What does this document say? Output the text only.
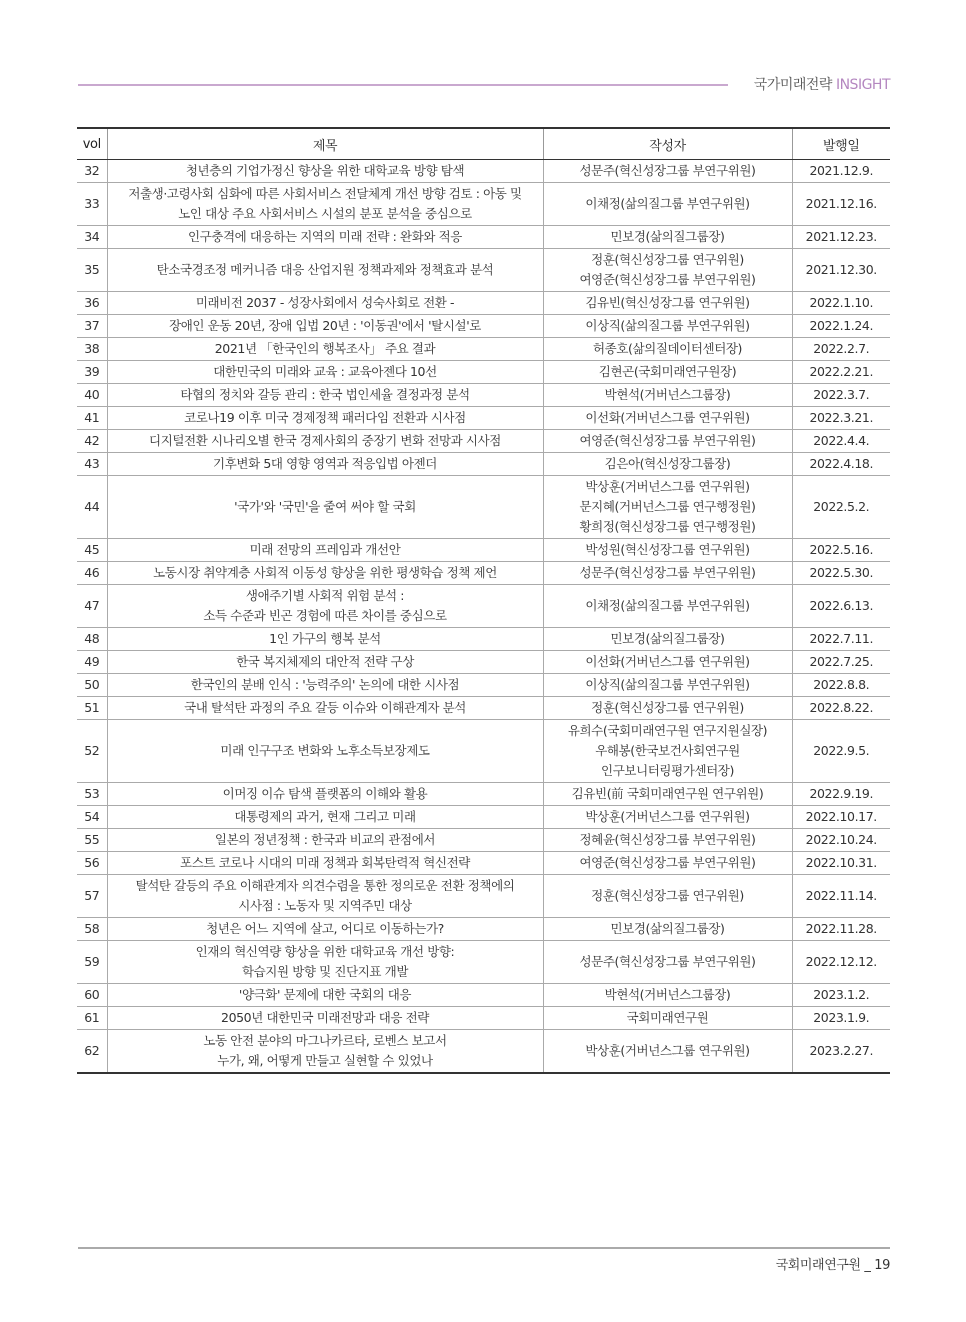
국가미래전략 INSIGHT
vol	제목	작성자	발행일
32	청년층의 기업가정신 향상을 위한 대학교육 방향 탐색	성문주(혁신성장그룹 부연구위원)	2021.12.9.
33	저출생·고령사회 심화에 따른 사회서비스 전달체계 개선 방향 검토 : 아동 및
노인 대상 주요 사회서비스 시설의 분포 분석을 중심으로	이채정(삶의질그룹 부연구위원)	2021.12.16.
34	인구충격에 대응하는 지역의 미래 전략 : 완화와 적응	민보경(삶의질그룹장)	2021.12.23.
35	탄소국경조정 메커니즘 대응 산업지원 정책과제와 정책효과 분석	정훈(혁신성장그룹 연구위원)
여영준(혁신성장그룹 부연구위원)	2021.12.30.
36	미래비전 2037 - 성장사회에서 성숙사회로 전환 -	김유빈(혁신성장그룹 연구위원)	2022.1.10.
37	장애인 운동 20년, 장애 입법 20년 : '이동권'에서 '탈시설'로	이상직(삶의질그룹 부연구위원)	2022.1.24.
38	2021년 「한국인의 행복조사」 주요 결과	허종호(삶의질데이터센터장)	2022.2.7.
39	대한민국의 미래와 교육 : 교육아젠다 10선	김현곤(국회미래연구원장)	2022.2.21.
40	타협의 정치와 갈등 관리 : 한국 법인세율 결정과정 분석	박현석(거버넌스그룹장)	2022.3.7.
41	코로나19 이후 미국 경제정책 패러다임 전환과 시사점	이선화(거버넌스그룹 연구위원)	2022.3.21.
42	디지털전환 시나리오별 한국 경제사회의 중장기 변화 전망과 시사점	여영준(혁신성장그룹 부연구위원)	2022.4.4.
43	기후변화 5대 영향 영역과 적응입법 아젠더	김은아(혁신성장그룹장)	2022.4.18.
44	'국가'와 '국민'을 줄여 써야 할 국회	박상훈(거버넌스그룹 연구위원)
문지혜(거버넌스그룹 연구행정원)
황희정(혁신성장그룹 연구행정원)	2022.5.2.
45	미래 전망의 프레임과 개선안	박성원(혁신성장그룹 연구위원)	2022.5.16.
46	노동시장 취약계층 사회적 이동성 향상을 위한 평생학습 정책 제언	성문주(혁신성장그룹 부연구위원)	2022.5.30.
47	생애주기별 사회적 위험 분석 :
소득 수준과 빈곤 경험에 따른 차이를 중심으로	이채정(삶의질그룹 부연구위원)	2022.6.13.
48	1인 가구의 행복 분석	민보경(삶의질그룹장)	2022.7.11.
49	한국 복지체제의 대안적 전략 구상	이선화(거버넌스그룹 연구위원)	2022.7.25.
50	한국인의 분배 인식 : '능력주의' 논의에 대한 시사점	이상직(삶의질그룹 부연구위원)	2022.8.8.
51	국내 탈석탄 과정의 주요 갈등 이슈와 이해관계자 분석	정훈(혁신성장그룹 연구위원)	2022.8.22.
52	미래 인구구조 변화와 노후소득보장제도	유희수(국회미래연구원 연구지원실장)
우해봉(한국보건사회연구원
인구보니터링평가센터장)	2022.9.5.
53	이머징 이슈 탐색 플랫폼의 이해와 활용	김유빈(前 국회미래연구원 연구위원)	2022.9.19.
54	대통령제의 과거, 현재 그리고 미래	박상훈(거버넌스그룹 연구위원)	2022.10.17.
55	일본의 정년정책 : 한국과 비교의 관점에서	정혜윤(혁신성장그룹 부연구위원)	2022.10.24.
56	포스트 코로나 시대의 미래 정책과 회복탄력적 혁신전략	여영준(혁신성장그룹 부연구위원)	2022.10.31.
57	탈석탄 갈등의 주요 이해관계자 의견수렴을 통한 정의로운 전환 정책에의
시사점 : 노동자 및 지역주민 대상	정훈(혁신성장그룹 연구위원)	2022.11.14.
58	청년은 어느 지역에 살고, 어디로 이동하는가?	민보경(삶의질그룹장)	2022.11.28.
59	인재의 혁신역량 향상을 위한 대학교육 개선 방향:
학습지원 방향 및 진단지표 개발	성문주(혁신성장그룹 부연구위원)	2022.12.12.
60	'양극화' 문제에 대한 국회의 대응	박현석(거버넌스그룹장)	2023.1.2.
61	2050년 대한민국 미래전망과 대응 전략	국회미래연구원	2023.1.9.
62	노동 안전 분야의 마그나카르타, 로벤스 보고서
누가, 왜, 어떻게 만들고 실현할 수 있었나	박상훈(거버넌스그룹 연구위원)	2023.2.27.
국회미래연구원 _ 19
